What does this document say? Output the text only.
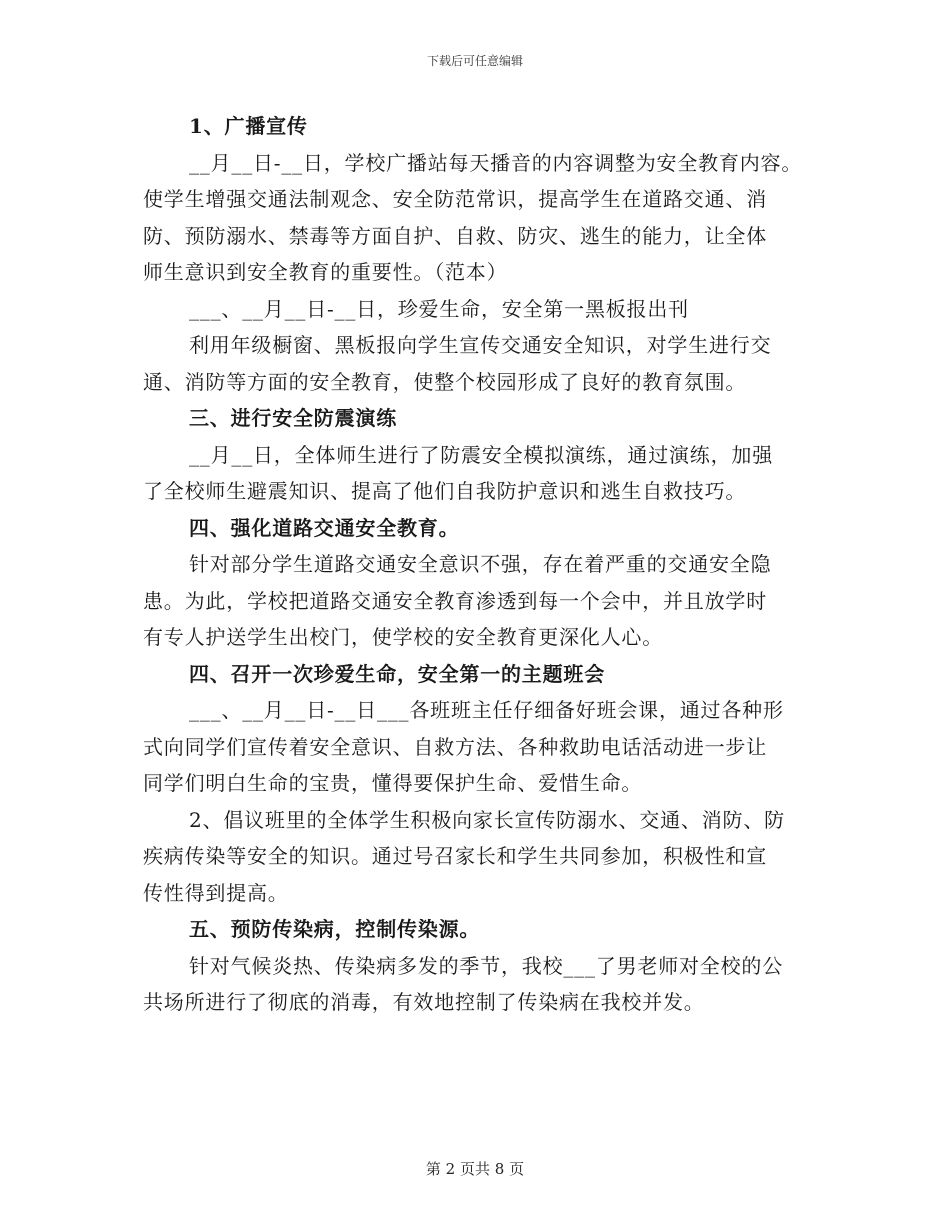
下载后可任意编辑
1、广播宣传
__月__日-__日，学校广播站每天播音的内容调整为安全教育内容。
使学生增强交通法制观念、安全防范常识，提高学生在道路交通、消
防、预防溺水、禁毒等方面自护、自救、防灾、逃生的能力，让全体
师生意识到安全教育的重要性。（范本）
___、__月__日-__日，珍爱生命，安全第一黑板报出刊
利用年级橱窗、黑板报向学生宣传交通安全知识，对学生进行交
通、消防等方面的安全教育，使整个校园形成了良好的教育氛围。
三、进行安全防震演练
__月__日，全体师生进行了防震安全模拟演练，通过演练，加强
了全校师生避震知识、提高了他们自我防护意识和逃生自救技巧。
四、强化道路交通安全教育。
针对部分学生道路交通安全意识不强，存在着严重的交通安全隐
患。为此，学校把道路交通安全教育渗透到每一个会中，并且放学时
有专人护送学生出校门，使学校的安全教育更深化人心。
四、召开一次珍爱生命，安全第一的主题班会
___、__月__日-__日___各班班主任仔细备好班会课，通过各种形
式向同学们宣传着安全意识、自救方法、各种救助电话活动进一步让
同学们明白生命的宝贵，懂得要保护生命、爱惜生命。
2、倡议班里的全体学生积极向家长宣传防溺水、交通、消防、防
疾病传染等安全的知识。通过号召家长和学生共同参加，积极性和宣
传性得到提高。
五、预防传染病，控制传染源。
针对气候炎热、传染病多发的季节，我校___了男老师对全校的公
共场所进行了彻底的消毒，有效地控制了传染病在我校并发。
第 2 页共 8 页
